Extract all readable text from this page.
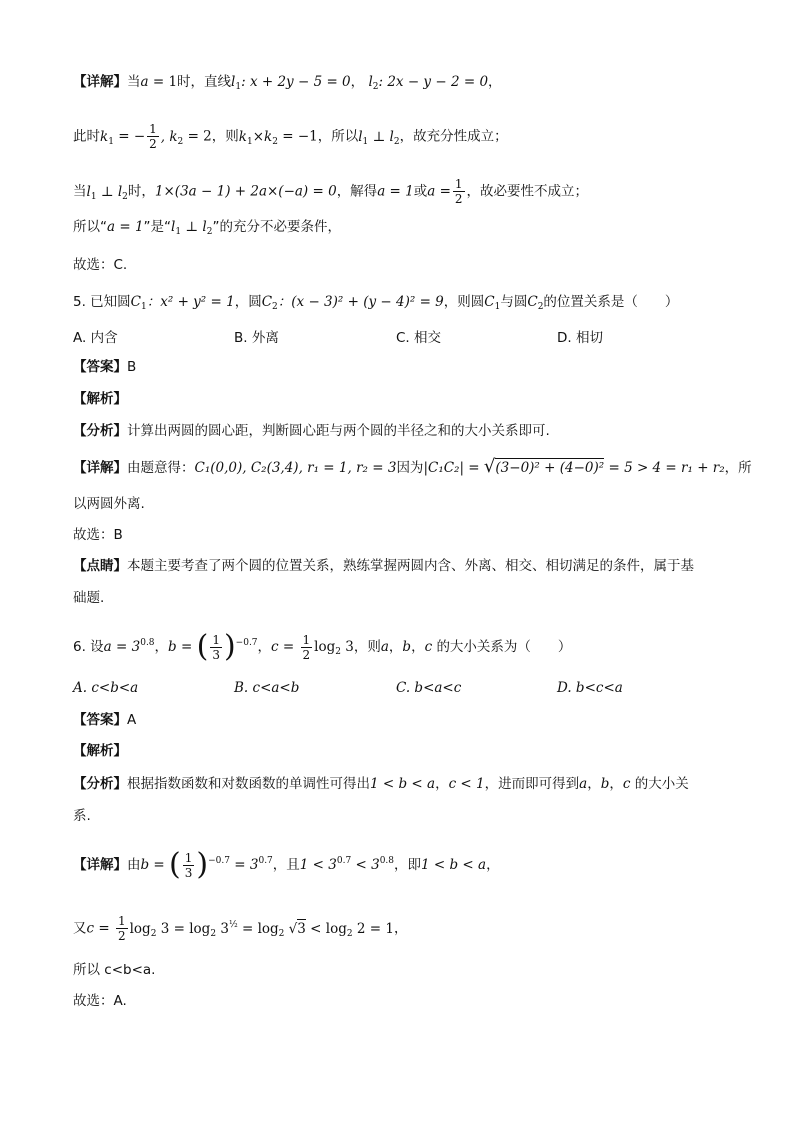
【详解】当a = 1时，直线$l_1$: x + 2y − 5 = 0， $l_2$: 2x − y − 2 = 0，
此时$k_1$ = − $\frac{1}{2}$ , $k_2 = 2$，则$k_1\times k_2 = -1$，所以$l_1$ ⊥ $l_2$，故充分性成立；
当$l_1$ ⊥ $l_2$时，1×(3a − 1) + 2a×(−a) = 0，解得a = 1或$a = \frac{1}{2}$ ，故必要性不成立；
所以“a = 1”是“$l_1$ ⊥ $l_2$”的充分不必要条件，
故选：C.
5. 已知圆$C_1$：x² + y² = 1，圆$C_2$：(x − 3)² + (y − 4)² = 9，则圆$C_1$与圆$C_2$的位置关系是（　　）
A. 内含	B. 外离	C. 相交	D. 相切
【答案】B
【解析】
【分析】计算出两圆的圆心距，判断圆心距与两个圆的半径之和的大小关系即可.
【详解】由题意得：C₁(0,0), C₂(3,4), r₁ = 1, r₂ = 3因为|C₁C₂| = √(3−0)² + (4−0)² = 5 > 4 = r₁ + r₂，所
以两圆外离.
故选：B
【点睛】本题主要考查了两个圆的位置关系，熟练掌握两圆内含、外离、相交、相切满足的条件，属于基
础题.
6. 设$a = 3^{0.8}$，b = ( $\frac{1}{3} )^{-0.7}$，$c = \frac{1}{2} \log_2 3$，则a，b，c 的大小关系为（　　）
A. c<b<a	B. c<a<b	C. b<a<c	D. b<c<a
【答案】A
【解析】
【分析】根据指数函数和对数函数的单调性可得出1 < b < a，c < 1，进而即可得到a，b，c 的大小关
系.
【详解】由b = ( $\frac{1}{3} )^{-0.7} = 3^{0.7}$，且$1 < 3^{0.7} < 3^{0.8}$，即1 < b < a，
又$c = \frac{1}{2} \log_2 3 = \log_2 3^{\frac{1}{2}} = \log_2 √3 < \log_2 2 = 1$，
所以 c<b<a.
故选：A.
